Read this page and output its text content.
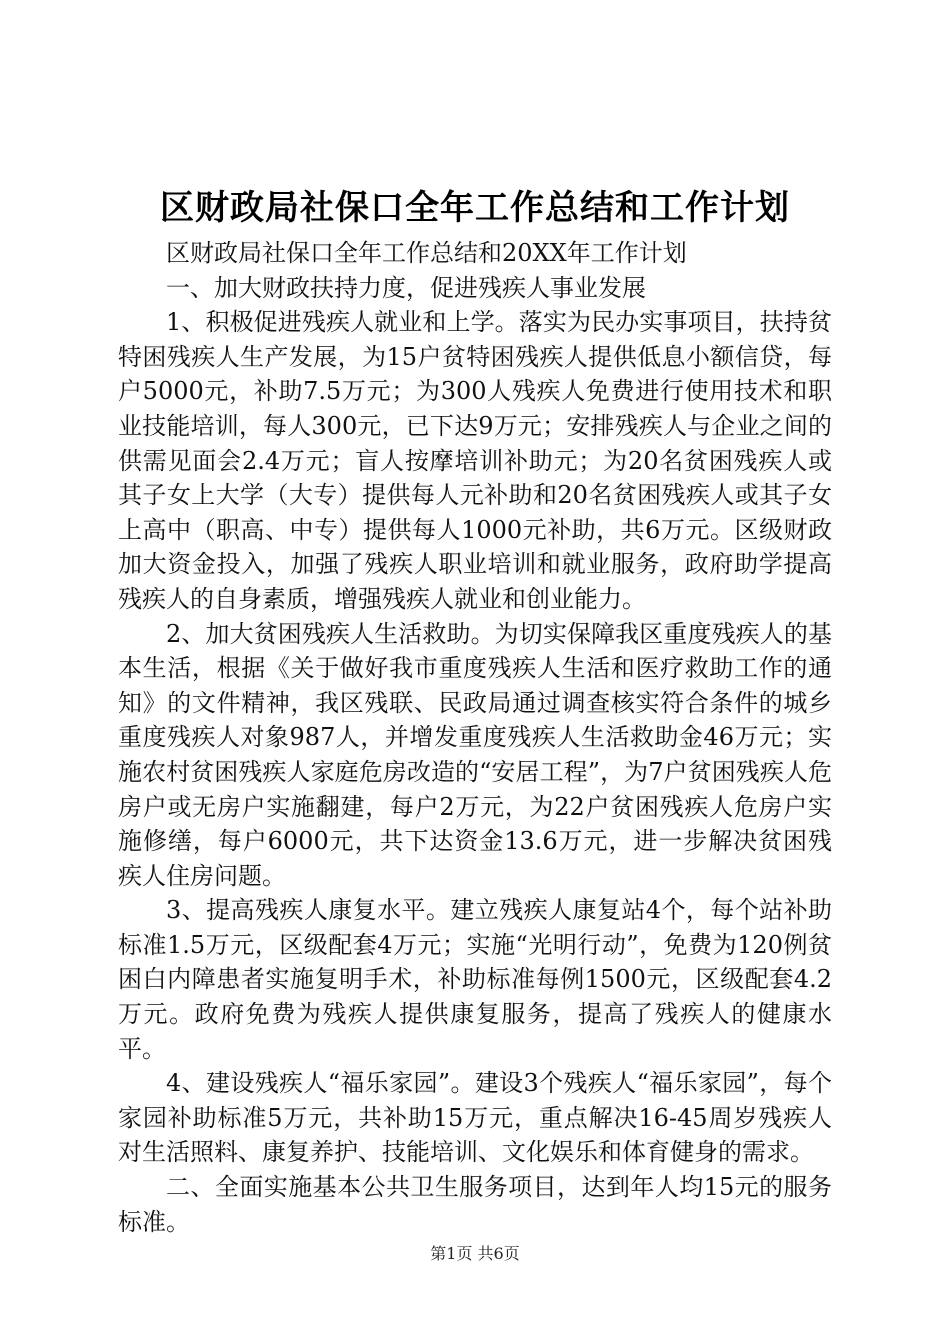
区财政局社保口全年工作总结和工作计划

区财政局社保口全年工作总结和20XX年工作计划

一、加大财政扶持力度，促进残疾人事业发展

1、积极促进残疾人就业和上学。落实为民办实事项目，扶持贫特困残疾人生产发展，为15户贫特困残疾人提供低息小额信贷，每户5000元，补助7.5万元；为300人残疾人免费进行使用技术和职业技能培训，每人300元，已下达9万元；安排残疾人与企业之间的供需见面会2.4万元；盲人按摩培训补助元；为20名贫困残疾人或其子女上大学（大专）提供每人元补助和20名贫困残疾人或其子女上高中（职高、中专）提供每人1000元补助，共6万元。区级财政加大资金投入，加强了残疾人职业培训和就业服务，政府助学提高残疾人的自身素质，增强残疾人就业和创业能力。

2、加大贫困残疾人生活救助。为切实保障我区重度残疾人的基本生活，根据《关于做好我市重度残疾人生活和医疗救助工作的通知》的文件精神，我区残联、民政局通过调查核实符合条件的城乡重度残疾人对象987人，并增发重度残疾人生活救助金46万元；实施农村贫困残疾人家庭危房改造的“安居工程”，为7户贫困残疾人危房户或无房户实施翻建，每户2万元，为22户贫困残疾人危房户实施修缮，每户6000元，共下达资金13.6万元，进一步解决贫困残疾人住房问题。

3、提高残疾人康复水平。建立残疾人康复站4个，每个站补助标准1.5万元，区级配套4万元；实施“光明行动”，免费为120例贫困白内障患者实施复明手术，补助标准每例1500元，区级配套4.2万元。政府免费为残疾人提供康复服务，提高了残疾人的健康水平。

4、建设残疾人“福乐家园”。建设3个残疾人“福乐家园”，每个家园补助标准5万元，共补助15万元，重点解决16-45周岁残疾人对生活照料、康复养护、技能培训、文化娱乐和体育健身的需求。

二、全面实施基本公共卫生服务项目，达到年人均15元的服务标准。

第1页 共6页
